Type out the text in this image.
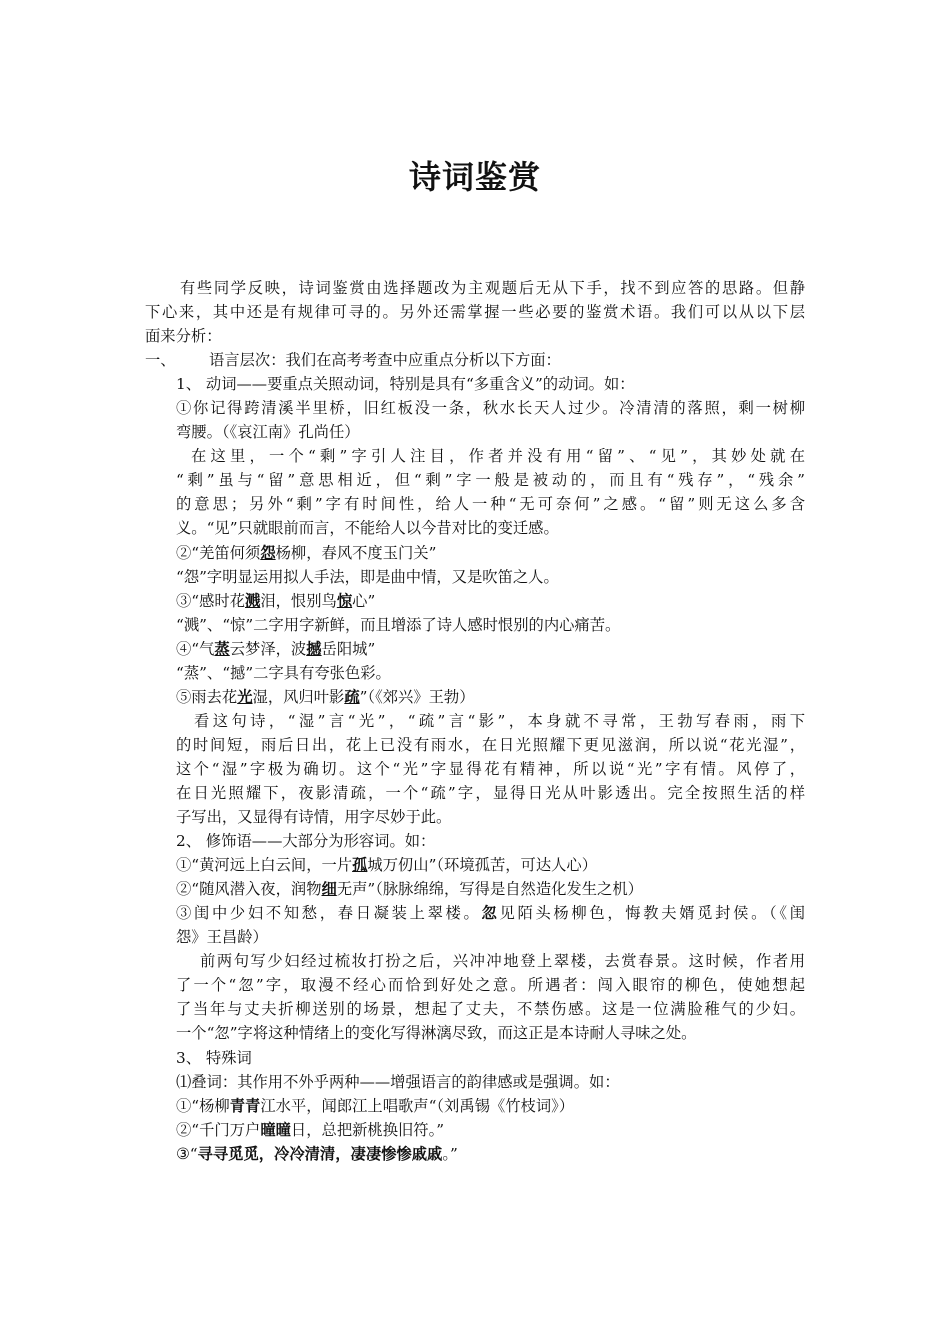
诗词鉴赏
有些同学反映，诗词鉴赏由选择题改为主观题后无从下手，找不到应答的思路。但静
下心来，其中还是有规律可寻的。另外还需掌握一些必要的鉴赏术语。我们可以从以下层
面来分析：
一、 语言层次：我们在高考考查中应重点分析以下方面：
1、 动词——要重点关照动词，特别是具有“多重含义”的动词。如：
①你记得跨清溪半里桥，旧红板没一条，秋水长天人过少。冷清清的落照，剩一树柳
弯腰。（《哀江南》孔尚任）
在这里，一个“剩”字引人注目，作者并没有用“留”、“见”，其妙处就在
“剩”虽与“留”意思相近，但“剩”字一般是被动的，而且有“残存”，“残余”
的意思；另外“剩”字有时间性，给人一种“无可奈何”之感。“留”则无这么多含
义。“见”只就眼前而言，不能给人以今昔对比的变迁感。
②“羌笛何须怨杨柳，春风不度玉门关”
“怨”字明显运用拟人手法，即是曲中情，又是吹笛之人。
③“感时花溅泪，恨别鸟惊心”
“溅”、“惊”二字用字新鲜，而且增添了诗人感时恨别的内心痛苦。
④“气蒸云梦泽，波撼岳阳城”
“蒸”、“撼”二字具有夸张色彩。
⑤雨去花光湿，风归叶影疏”（《郊兴》王勃）
看这句诗，“湿”言“光”，“疏”言“影”，本身就不寻常，王勃写春雨，雨下
的时间短，雨后日出，花上已没有雨水，在日光照耀下更见滋润，所以说“花光湿”，
这个“湿”字极为确切。这个“光”字显得花有精神，所以说“光”字有情。风停了，
在日光照耀下，夜影清疏，一个“疏”字，显得日光从叶影透出。完全按照生活的样
子写出，又显得有诗情，用字尽妙于此。
2、 修饰语——大部分为形容词。如：
①“黄河远上白云间，一片孤城万仞山”（环境孤苦，可达人心）
②“随风潜入夜，润物细无声”（脉脉绵绵，写得是自然造化发生之机）
③闺中少妇不知愁，春日凝装上翠楼。忽见陌头杨柳色，悔教夫婿觅封侯。（《闺
怨》王昌龄）
前两句写少妇经过梳妆打扮之后，兴冲冲地登上翠楼，去赏春景。这时候，作者用
了一个“忽”字，取漫不经心而恰到好处之意。所遇者：闯入眼帘的柳色，使她想起
了当年与丈夫折柳送别的场景，想起了丈夫，不禁伤感。这是一位满脸稚气的少妇。
一个“忽”字将这种情绪上的变化写得淋漓尽致，而这正是本诗耐人寻味之处。
3、 特殊词
⑴叠词：其作用不外乎两种——增强语言的韵律感或是强调。如：
①“杨柳青青江水平，闻郎江上唱歌声“（刘禹锡《竹枝词》）
②“千门万户曈曈日，总把新桃换旧符。”
③“寻寻觅觅，冷冷清清，凄凄惨惨戚戚。”
